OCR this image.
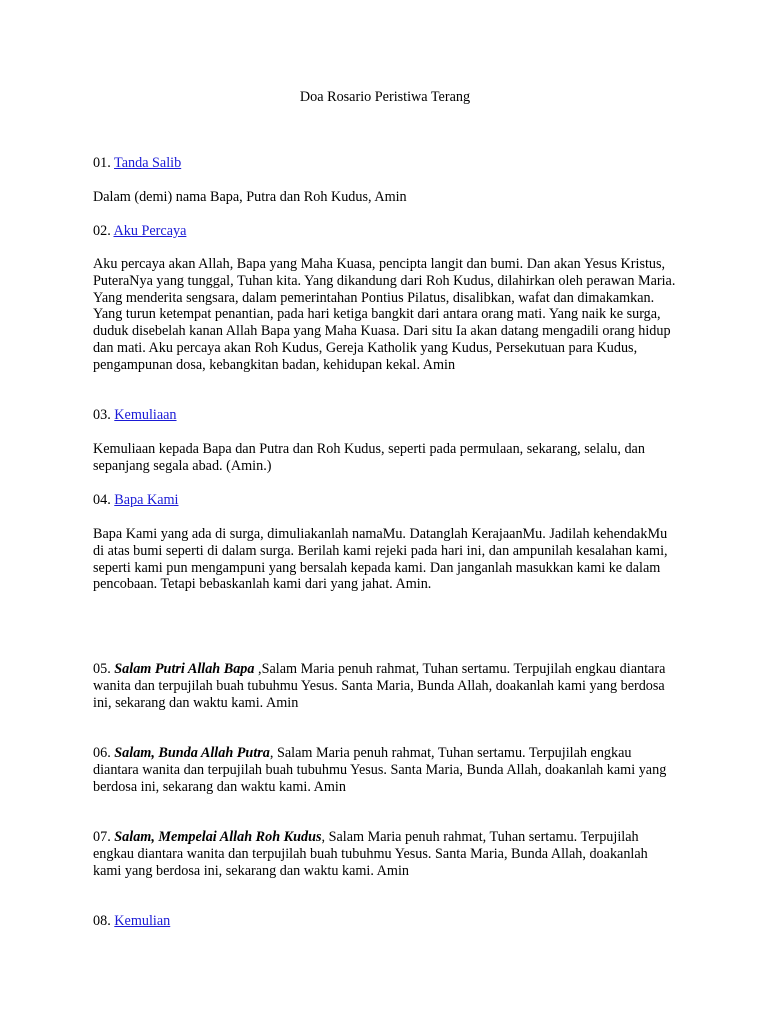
Doa Rosario Peristiwa Terang

01. Tanda Salib

Dalam (demi) nama Bapa, Putra dan Roh Kudus, Amin

02. Aku Percaya

Aku percaya akan Allah, Bapa yang Maha Kuasa, pencipta langit dan bumi. Dan akan Yesus Kristus, PuteraNya yang tunggal, Tuhan kita. Yang dikandung dari Roh Kudus, dilahirkan oleh perawan Maria. Yang menderita sengsara, dalam pemerintahan Pontius Pilatus, disalibkan, wafat dan dimakamkan. Yang turun ketempat penantian, pada hari ketiga bangkit dari antara orang mati. Yang naik ke surga, duduk disebelah kanan Allah Bapa yang Maha Kuasa. Dari situ Ia akan datang mengadili orang hidup dan mati. Aku percaya akan Roh Kudus, Gereja Katholik yang Kudus, Persekutuan para Kudus, pengampunan dosa, kebangkitan badan, kehidupan kekal. Amin

03. Kemuliaan

Kemuliaan kepada Bapa dan Putra dan Roh Kudus, seperti pada permulaan, sekarang, selalu, dan sepanjang segala abad. (Amin.)

04. Bapa Kami

Bapa Kami yang ada di surga, dimuliakanlah namaMu. Datanglah KerajaanMu. Jadilah kehendakMu di atas bumi seperti di dalam surga. Berilah kami rejeki pada hari ini, dan ampunilah kesalahan kami, seperti kami pun mengampuni yang bersalah kepada kami. Dan janganlah masukkan kami ke dalam pencobaan. Tetapi bebaskanlah kami dari yang jahat. Amin.

05. Salam Putri Allah Bapa ,Salam Maria penuh rahmat, Tuhan sertamu. Terpujilah engkau diantara wanita dan terpujilah buah tubuhmu Yesus. Santa Maria, Bunda Allah, doakanlah kami yang berdosa ini, sekarang dan waktu kami. Amin

06. Salam, Bunda Allah Putra, Salam Maria penuh rahmat, Tuhan sertamu. Terpujilah engkau diantara wanita dan terpujilah buah tubuhmu Yesus. Santa Maria, Bunda Allah, doakanlah kami yang berdosa ini, sekarang dan waktu kami. Amin

07. Salam, Mempelai Allah Roh Kudus, Salam Maria penuh rahmat, Tuhan sertamu. Terpujilah engkau diantara wanita dan terpujilah buah tubuhmu Yesus. Santa Maria, Bunda Allah, doakanlah kami yang berdosa ini, sekarang dan waktu kami. Amin

08. Kemulian
